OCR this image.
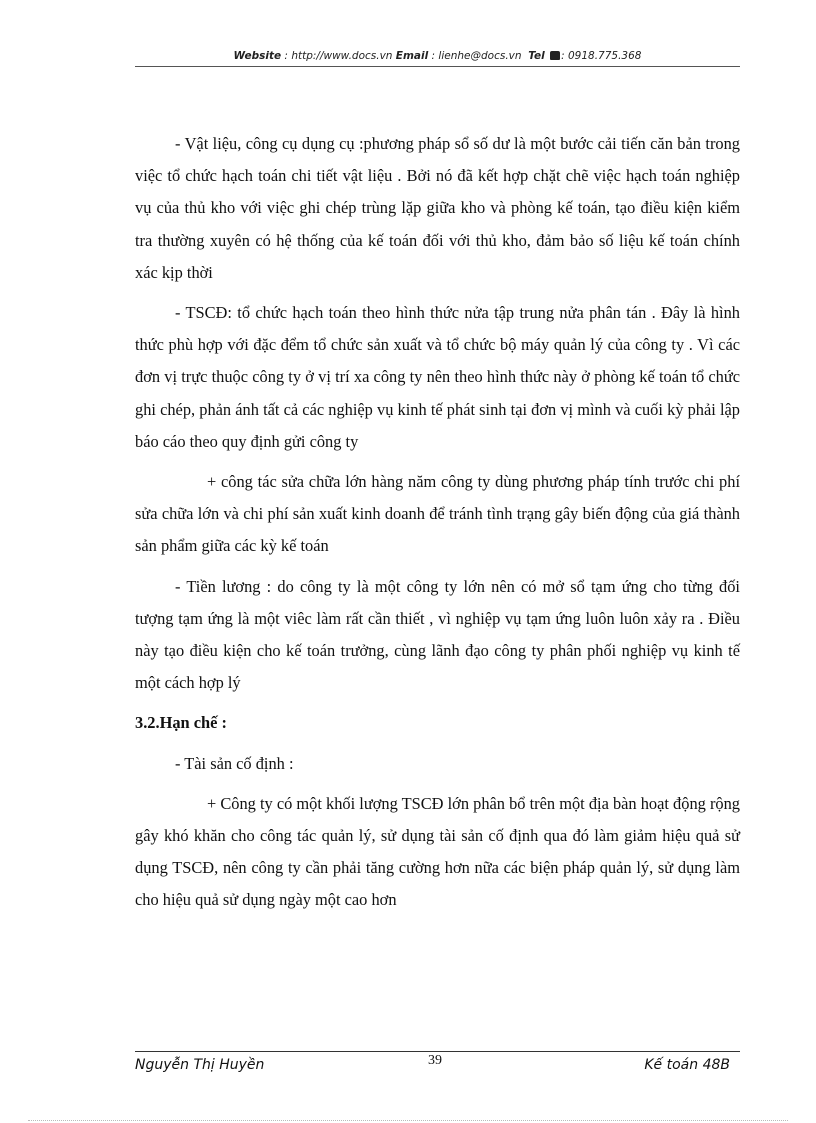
Website : http://www.docs.vn Email : lienhe@docs.vn Tel : 0918.775.368

- Vật liệu, công cụ dụng cụ :phương pháp sổ số dư là một bước cải tiến căn bản trong việc tổ chức hạch toán chi tiết vật liệu . Bởi nó đã kết hợp chặt chẽ việc hạch toán nghiệp vụ của thủ kho với việc ghi chép trùng lặp giữa kho và phòng kế toán, tạo điều kiện kiểm tra thường xuyên có hệ thống của kế toán đối với thủ kho, đảm bảo số liệu kế toán chính xác kịp thời

- TSCĐ: tổ chức hạch toán theo hình thức nửa tập trung nửa phân tán . Đây là hình thức phù hợp với đặc đểm tổ chức sản xuất và tổ chức bộ máy quản lý của công ty . Vì các đơn vị trực thuộc công ty ở vị trí xa công ty nên theo hình thức này ở phòng kế toán tổ chức ghi chép, phản ánh tất cả các nghiệp vụ kinh tế phát sinh tại đơn vị mình và cuối kỳ phải lập báo cáo theo quy định gửi công ty

+ công tác sửa chữa lớn hàng năm công ty dùng phương pháp tính trước chi phí sửa chữa lớn và chi phí sản xuất kinh doanh để tránh tình trạng gây biến động của giá thành sản phẩm giữa các kỳ kế toán

- Tiền lương : do công ty là một công ty lớn nên có mở sổ tạm ứng cho từng đối tượng tạm ứng là một viêc làm rất cần thiết , vì nghiệp vụ tạm ứng luôn luôn xảy ra . Điều này tạo điều kiện cho kế toán trưởng, cùng lãnh đạo công ty phân phối nghiệp vụ kinh tế một cách hợp lý

3.2.Hạn chế :

- Tài sản cố định :

+ Công ty có một khối lượng TSCĐ lớn phân bổ trên một địa bàn hoạt động rộng gây khó khăn cho công tác quản lý, sử dụng tài sản cố định qua đó làm giảm hiệu quả sử dụng TSCĐ, nên công ty cần phải tăng cường hơn nữa các biện pháp quản lý, sử dụng làm cho hiệu quả sử dụng ngày một cao hơn

Nguyễn Thị Huyền	39	Kế toán 48B
